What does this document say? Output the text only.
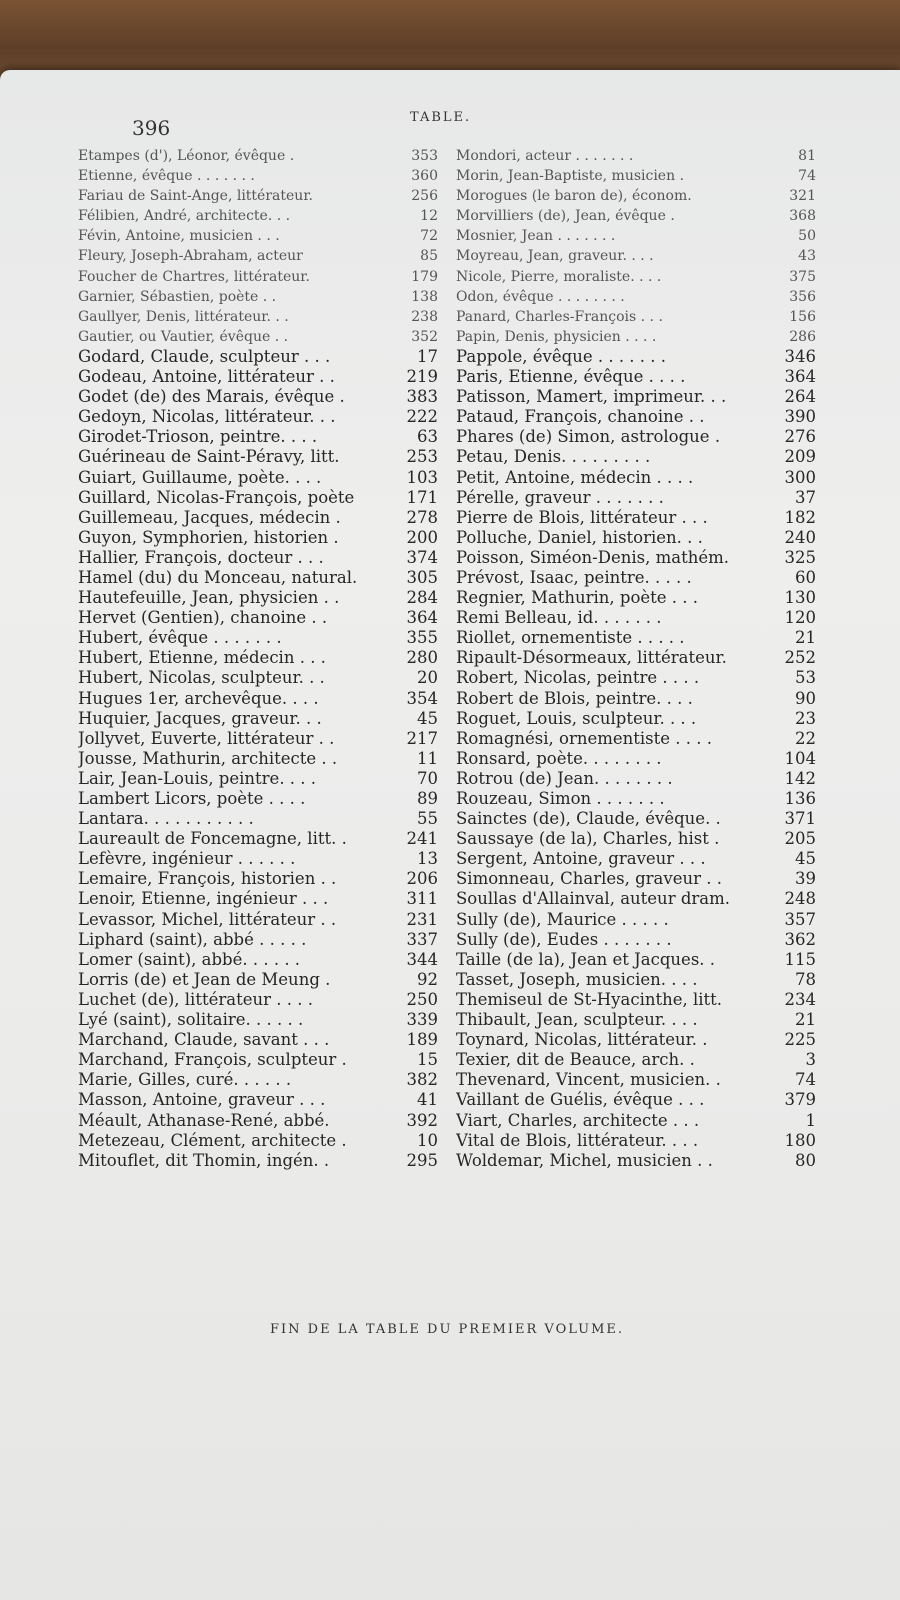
396	TABLE.
Etampes (d'), Léonor, évêque .	353
Etienne, évêque . . . . . . .	360
Fariau de Saint-Ange, littérateur.	256
Félibien, André, architecte. . .	12
Févin, Antoine, musicien . . .	72
Fleury, Joseph-Abraham, acteur	85
Foucher de Chartres, littérateur.	179
Garnier, Sébastien, poète . .	138
Gaullyer, Denis, littérateur. . .	238
Gautier, ou Vautier, évêque . .	352
Godard, Claude, sculpteur . . .	17
Godeau, Antoine, littérateur . .	219
Godet (de) des Marais, évêque .	383
Gedoyn, Nicolas, littérateur. . .	222
Girodet-Trioson, peintre. . . .	63
Guérineau de Saint-Péravy, litt.	253
Guiart, Guillaume, poète. . . .	103
Guillard, Nicolas-François, poète	171
Guillemeau, Jacques, médecin .	278
Guyon, Symphorien, historien .	200
Hallier, François, docteur . . .	374
Hamel (du) du Monceau, natural.	305
Hautefeuille, Jean, physicien . .	284
Hervet (Gentien), chanoine . .	364
Hubert, évêque . . . . . . .	355
Hubert, Etienne, médecin . . .	280
Hubert, Nicolas, sculpteur. . .	20
Hugues 1er, archevêque. . . .	354
Huquier, Jacques, graveur. . .	45
Jollyvet, Euverte, littérateur . .	217
Jousse, Mathurin, architecte . .	11
Lair, Jean-Louis, peintre. . . .	70
Lambert Licors, poète . . . .	89
Lantara. . . . . . . . . . .	55
Laureault de Foncemagne, litt. .	241
Lefèvre, ingénieur . . . . . .	13
Lemaire, François, historien . .	206
Lenoir, Etienne, ingénieur . . .	311
Levassor, Michel, littérateur . .	231
Liphard (saint), abbé . . . . .	337
Lomer (saint), abbé. . . . . .	344
Lorris (de) et Jean de Meung .	92
Luchet (de), littérateur . . . .	250
Lyé (saint), solitaire. . . . . .	339
Marchand, Claude, savant . . .	189
Marchand, François, sculpteur .	15
Marie, Gilles, curé. . . . . .	382
Masson, Antoine, graveur . . .	41
Méault, Athanase-René, abbé.	392
Metezeau, Clément, architecte .	10
Mitouflet, dit Thomin, ingén. .	295
Mondori, acteur . . . . . . .	81
Morin, Jean-Baptiste, musicien .	74
Morogues (le baron de), économ.	321
Morvilliers (de), Jean, évêque .	368
Mosnier, Jean . . . . . . .	50
Moyreau, Jean, graveur. . . .	43
Nicole, Pierre, moraliste. . . .	375
Odon, évêque . . . . . . . .	356
Panard, Charles-François . . .	156
Papin, Denis, physicien . . . .	286
Pappole, évêque . . . . . . .	346
Paris, Etienne, évêque . . . .	364
Patisson, Mamert, imprimeur. . .	264
Pataud, François, chanoine . .	390
Phares (de) Simon, astrologue .	276
Petau, Denis. . . . . . . . .	209
Petit, Antoine, médecin . . . .	300
Pérelle, graveur . . . . . . .	37
Pierre de Blois, littérateur . . .	182
Polluche, Daniel, historien. . .	240
Poisson, Siméon-Denis, mathém.	325
Prévost, Isaac, peintre. . . . .	60
Regnier, Mathurin, poète . . .	130
Remi Belleau, id. . . . . . .	120
Riollet, ornementiste . . . . .	21
Ripault-Désormeaux, littérateur.	252
Robert, Nicolas, peintre . . . .	53
Robert de Blois, peintre. . . .	90
Roguet, Louis, sculpteur. . . .	23
Romagnési, ornementiste . . . .	22
Ronsard, poète. . . . . . . .	104
Rotrou (de) Jean. . . . . . . .	142
Rouzeau, Simon . . . . . . .	136
Sainctes (de), Claude, évêque. .	371
Saussaye (de la), Charles, hist .	205
Sergent, Antoine, graveur . . .	45
Simonneau, Charles, graveur . .	39
Soullas d'Allainval, auteur dram.	248
Sully (de), Maurice . . . . .	357
Sully (de), Eudes . . . . . . .	362
Taille (de la), Jean et Jacques. .	115
Tasset, Joseph, musicien. . . .	78
Themiseul de St-Hyacinthe, litt.	234
Thibault, Jean, sculpteur. . . .	21
Toynard, Nicolas, littérateur. .	225
Texier, dit de Beauce, arch. .	3
Thevenard, Vincent, musicien. .	74
Vaillant de Guélis, évêque . . .	379
Viart, Charles, architecte . . .	1
Vital de Blois, littérateur. . . .	180
Woldemar, Michel, musicien . .	80
FIN DE LA TABLE DU PREMIER VOLUME.
